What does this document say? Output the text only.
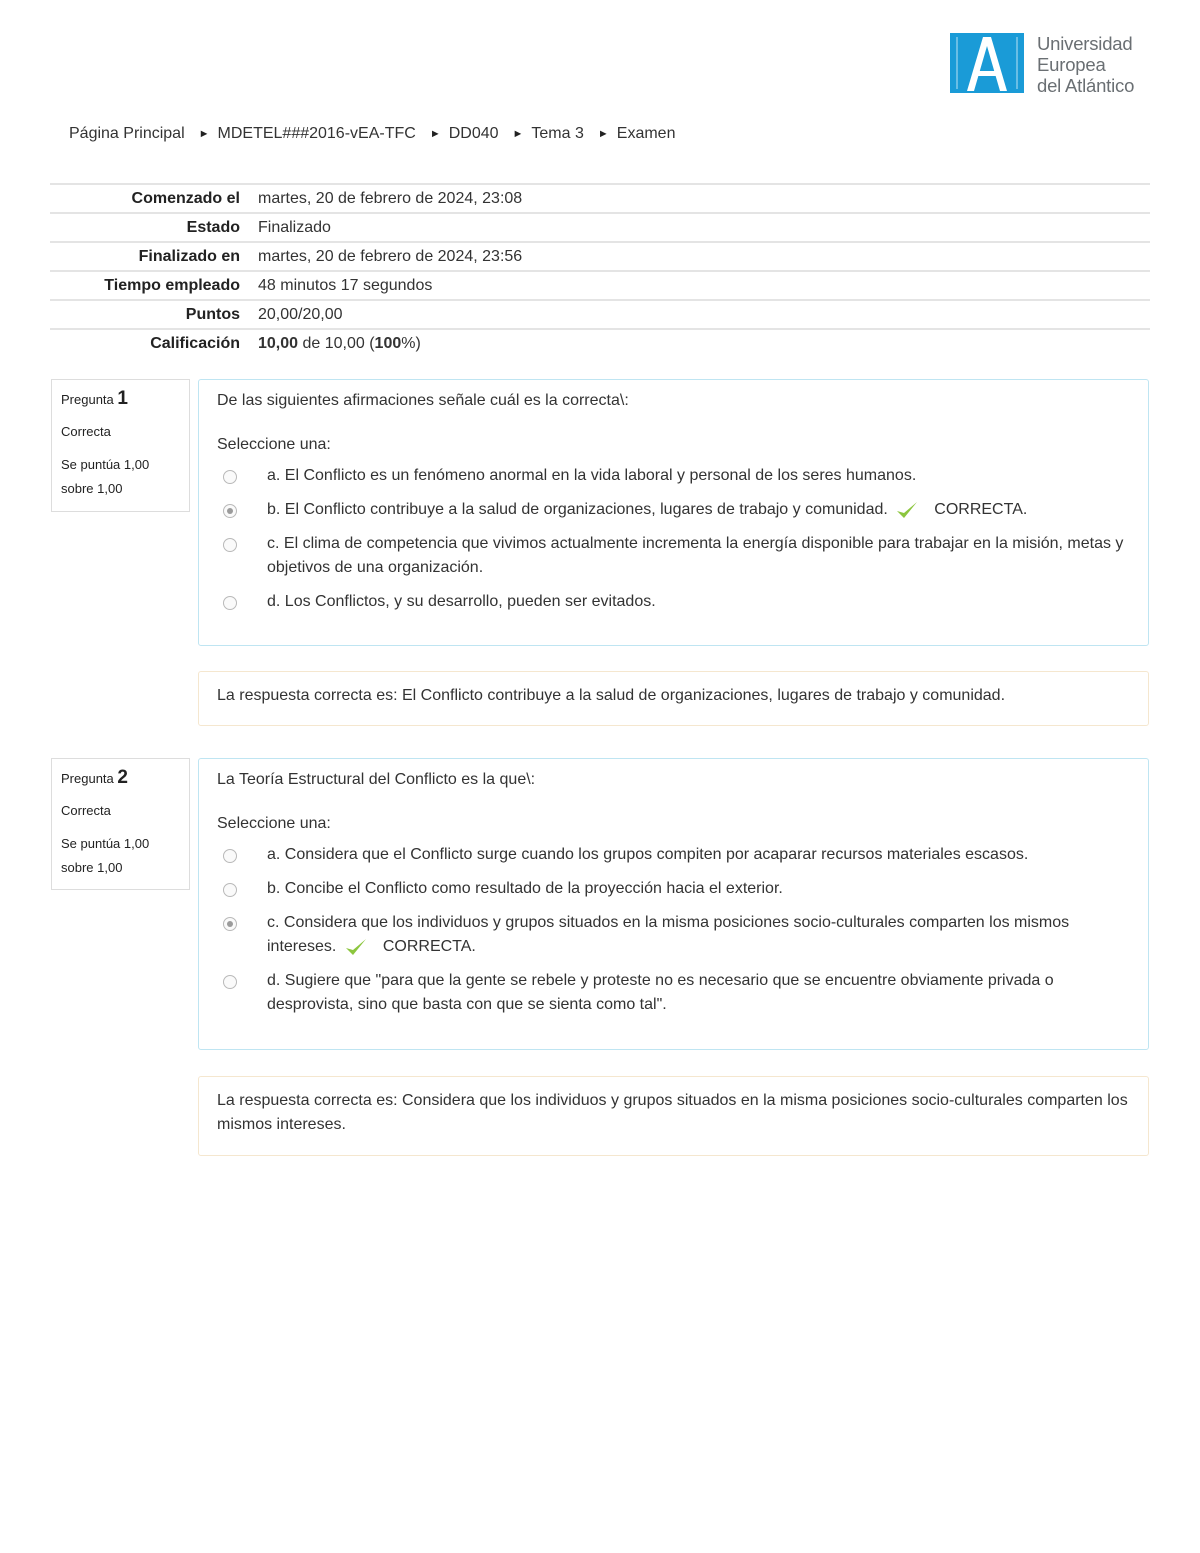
Universidad
Europea
del Atlántico
Página Principal ► MDETEL###2016-vEA-TFC ► DD040 ► Tema 3 ► Examen
Comenzado el	martes, 20 de febrero de 2024, 23:08
Estado	Finalizado
Finalizado en	martes, 20 de febrero de 2024, 23:56
Tiempo empleado	48 minutos 17 segundos
Puntos	20,00/20,00
Calificación	10,00 de 10,00 (100%)
Pregunta 1
Correcta
Se puntúa 1,00
sobre 1,00

De las siguientes afirmaciones señale cuál es la correcta\:

Seleccione una:
a. El Conflicto es un fenómeno anormal en la vida laboral y personal de los seres humanos.
b. El Conflicto contribuye a la salud de organizaciones, lugares de trabajo y comunidad.	CORRECTA.
c. El clima de competencia que vivimos actualmente incrementa la energía disponible para trabajar en la misión, metas y objetivos de una organización.
d. Los Conflictos, y su desarrollo, pueden ser evitados.
La respuesta correcta es: El Conflicto contribuye a la salud de organizaciones, lugares de trabajo y comunidad.
Pregunta 2
Correcta
Se puntúa 1,00
sobre 1,00

La Teoría Estructural del Conflicto es la que\:

Seleccione una:
a. Considera que el Conflicto surge cuando los grupos compiten por acaparar recursos materiales escasos.
b. Concibe el Conflicto como resultado de la proyección hacia el exterior.
c. Considera que los individuos y grupos situados en la misma posiciones socio-culturales comparten los mismos intereses.	CORRECTA.
d. Sugiere que "para que la gente se rebele y proteste no es necesario que se encuentre obviamente privada o desprovista, sino que basta con que se sienta como tal".
La respuesta correcta es: Considera que los individuos y grupos situados en la misma posiciones socio-culturales comparten los mismos intereses.
